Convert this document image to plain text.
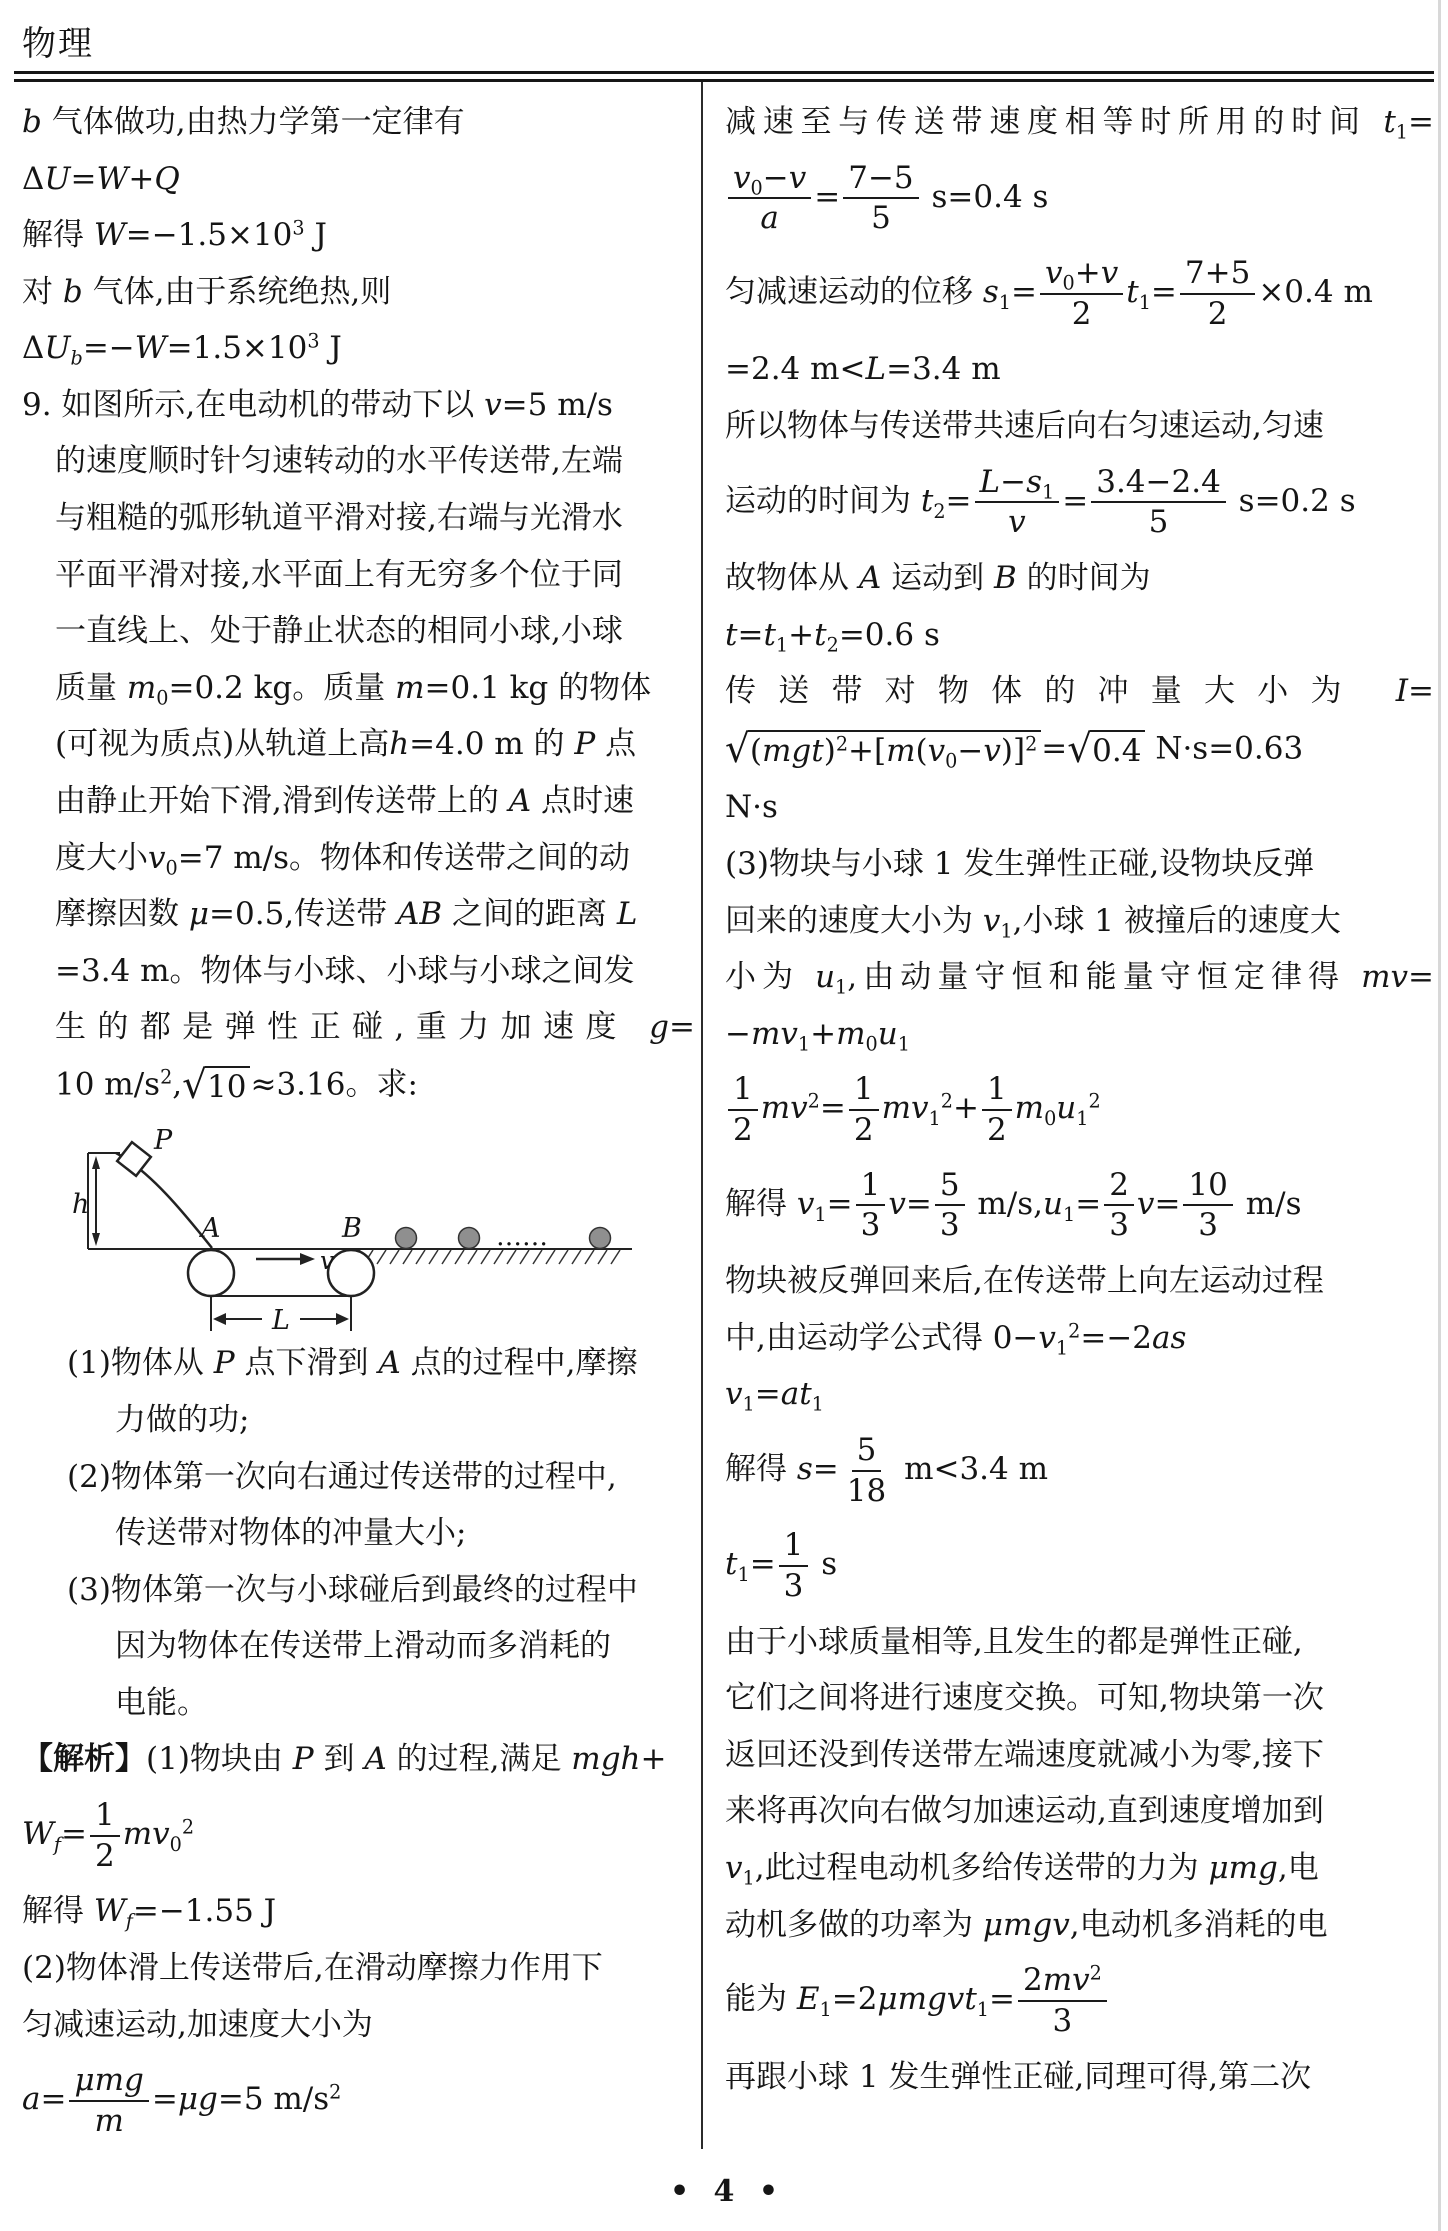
物理
b 气体做功,由热力学第一定律有
ΔU=W+Q
解得 $W=-1.5\times 10^3$ J
对 b 气体,由于系统绝热,则
$\Delta U_b=-W=1.5\times 10^3$ J
9. 如图所示,在电动机的带动下以 v=5 m/s
的速度顺时针匀速转动的水平传送带,左端
与粗糙的弧形轨道平滑对接,右端与光滑水
平面平滑对接,水平面上有无穷多个位于同
一直线上、处于静止状态的相同小球,小球
质量 $m_0=0.2$ kg。质量 m=0.1 kg 的物体
(可视为质点)从轨道上高h=4.0 m 的 P 点
由静止开始下滑,滑到传送带上的 A 点时速
度大小$v_0=7$ m/s。物体和传送带之间的动
摩擦因数 μ=0.5,传送带 AB 之间的距离 L
=3.4 m。物体与小球、小球与小球之间发
生的都是弹性正碰,重力加速度 g=
10 $m/s^2$, √ 10 ≈3.16。求:
h
P
A	B
v
……
L
(1)物体从 P 点下滑到 A 点的过程中,摩擦
力做的功;
(2)物体第一次向右通过传送带的过程中,
传送带对物体的冲量大小;
(3)物体第一次与小球碰后到最终的过程中
因为物体在传送带上滑动而多消耗的
电能。
【解析】(1)物块由 P 到 A 的过程,满足 mgh+
$W_f= \frac{1}{2} mv_0^2$
解得 $W_f=-1.55$ J
(2)物体滑上传送带后,在滑动摩擦力作用下
匀减速运动,加速度大小为
$a= \frac{\text{μmg}}{m} =\mu g=5$ $m/s^2$
减速至与传送带速度相等时所用的时间 $t_1=$
$\frac{v_0-v}{a} = \frac{7-5}{5} s=0.4$ s
匀减速运动的位移 $s_1= \frac{v_0+v}{2} t_1= \frac{7+5}{2} \times 0.4$ m
=2.4 m<L=3.4 m
所以物体与传送带共速后向右匀速运动,匀速
运动的时间为 $t_2= \frac{L-s_1}{v} = \frac{3.4-2.4}{5} s=0.2$ s
故物体从 A 运动到 B 的时间为
$t=t_1+t_2=0.6$ s
传送带对物体的冲量大小为 I=
√ $(mgt)^2+[m(v_0-v)]^2$ = √ 0.4 N·s=0.63
N·s
(3)物块与小球 1 发生弹性正碰,设物块反弹
回来的速度大小为 $v_1$,小球 1 被撞后的速度大
小为 $u_1$,由动量守恒和能量守恒定律得 mv=
$-mv_1+m_0u_1$
$\frac{1}{2} mv^2= \frac{1}{2} mv_1^2+ \frac{1}{2} m_0u_1^2$
解得 $v_1= \frac{1}{3} v= \frac{5}{3} m/s,u_1= \frac{2}{3} v= \frac{10}{3} m/s$
物块被反弹回来后,在传送带上向左运动过程
中,由运动学公式得 $0-v_1^2=-2as$
$v_1=at_1$
解得 $s= \frac{5}{18} m<3.4$ m
$t_1= \frac{1}{3}$ s
由于小球质量相等,且发生的都是弹性正碰,
它们之间将进行速度交换。可知,物块第一次
返回还没到传送带左端速度就减小为零,接下
来将再次向右做匀加速运动,直到速度增加到
$v_1$,此过程电动机多给传送带的力为 μmg,电
动机多做的功率为 μmgv,电动机多消耗的电
能为 $E_1=2\mu mgvt_1= \frac{2mv^2}{3}$
再跟小球 1 发生弹性正碰,同理可得,第二次
• 4 •
